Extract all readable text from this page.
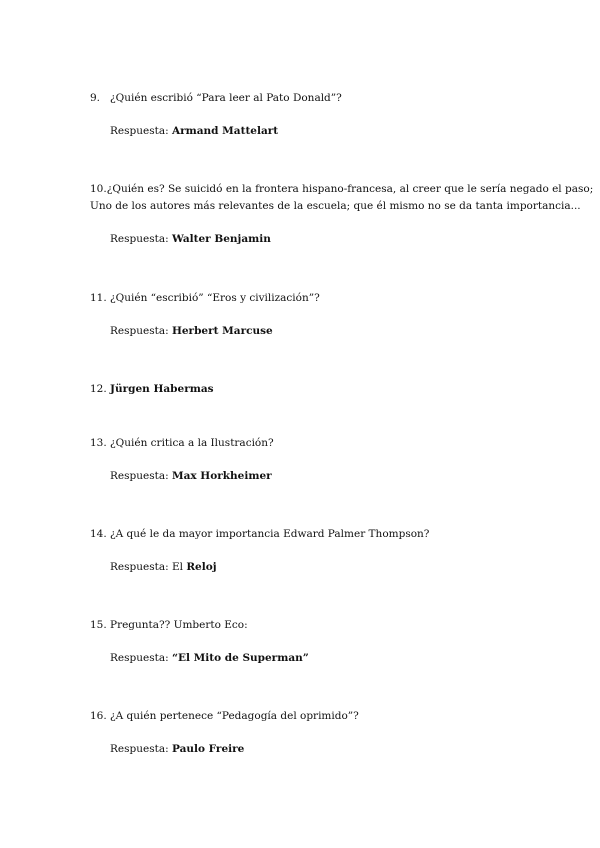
9. ¿Quién escribió “Para leer al Pato Donald”?
Respuesta: Armand Mattelart
10. ¿Quién es? Se suicidó en la frontera hispano-francesa, al creer que le sería negado el paso;
Uno de los autores más relevantes de la escuela; que él mismo no se da tanta importancia...
Respuesta: Walter Benjamin
11. ¿Quién “escribió” “Eros y civilización”?
Respuesta: Herbert Marcuse
12. Jürgen Habermas
13. ¿Quién critica a la Ilustración?
Respuesta: Max Horkheimer
14. ¿A qué le da mayor importancia Edward Palmer Thompson?
Respuesta: El Reloj
15. Pregunta?? Umberto Eco:
Respuesta: “El Mito de Superman”
16. ¿A quién pertenece “Pedagogía del oprimido”?
Respuesta: Paulo Freire
